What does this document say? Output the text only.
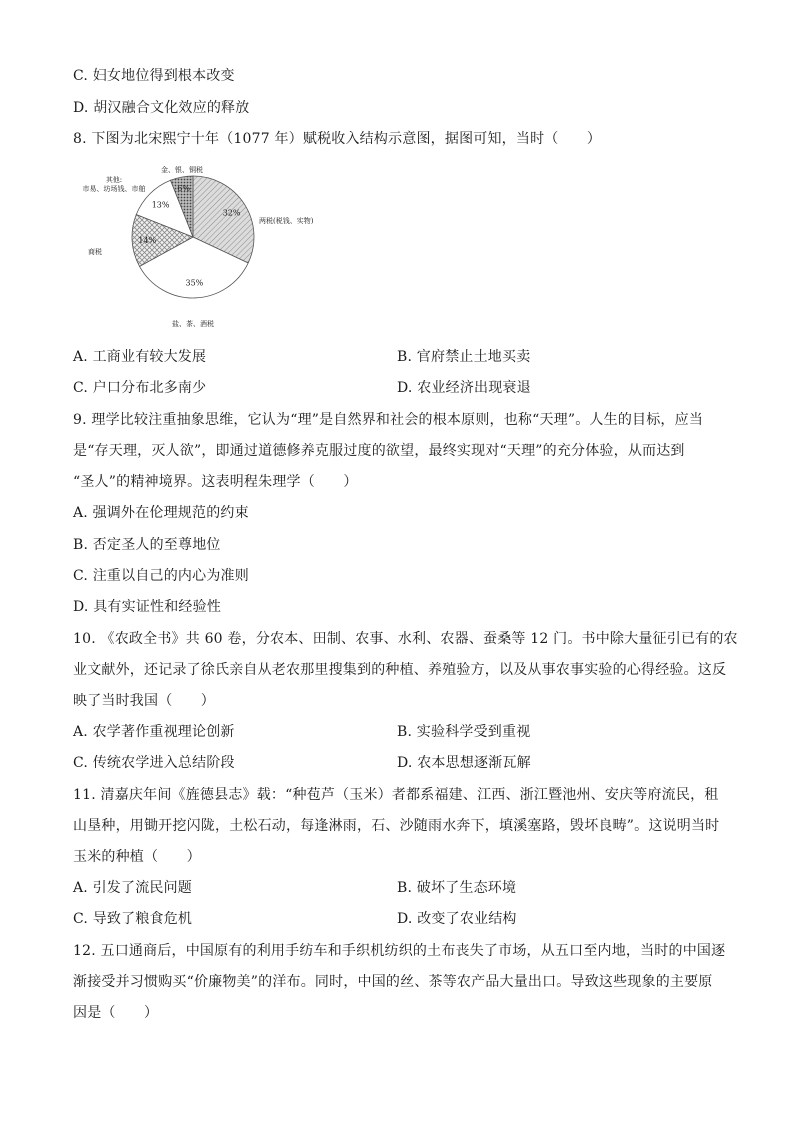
C. 妇女地位得到根本改变
D. 胡汉融合文化效应的释放
8. 下图为北宋熙宁十年（1077 年）赋税收入结构示意图，据图可知，当时（　　）
32%
35%
14%
13%
6%
两税(税钱、实物)
盐、茶、酒税
商税
其他:
市易、坊场钱、市舶
金、银、铜税
A. 工商业有较大发展	B. 官府禁止土地买卖
C. 户口分布北多南少	D. 农业经济出现衰退
9. 理学比较注重抽象思维，它认为“理”是自然界和社会的根本原则，也称“天理”。人生的目标，应当
是“存天理，灭人欲”，即通过道德修养克服过度的欲望，最终实现对“天理”的充分体验，从而达到
“圣人”的精神境界。这表明程朱理学（　　）
A. 强调外在伦理规范的约束
B. 否定圣人的至尊地位
C. 注重以自己的内心为准则
D. 具有实证性和经验性
10. 《农政全书》共 60 卷，分农本、田制、农事、水利、农器、蚕桑等 12 门。书中除大量征引已有的农
业文献外，还记录了徐氏亲自从老农那里搜集到的种植、养殖验方，以及从事农事实验的心得经验。这反
映了当时我国（　　）
A. 农学著作重视理论创新	B. 实验科学受到重视
C. 传统农学进入总结阶段	D. 农本思想逐渐瓦解
11. 清嘉庆年间《旌德县志》载：“种苞芦（玉米）者都系福建、江西、浙江暨池州、安庆等府流民，租
山垦种，用锄开挖闪陇，土松石动，每逢淋雨，石、沙随雨水奔下，填溪塞路，毁坏良畴”。这说明当时
玉米的种植（　　）
A. 引发了流民问题	B. 破坏了生态环境
C. 导致了粮食危机	D. 改变了农业结构
12. 五口通商后，中国原有的利用手纺车和手织机纺织的土布丧失了市场，从五口至内地，当时的中国逐
渐接受并习惯购买“价廉物美”的洋布。同时，中国的丝、茶等农产品大量出口。导致这些现象的主要原
因是（　　）
